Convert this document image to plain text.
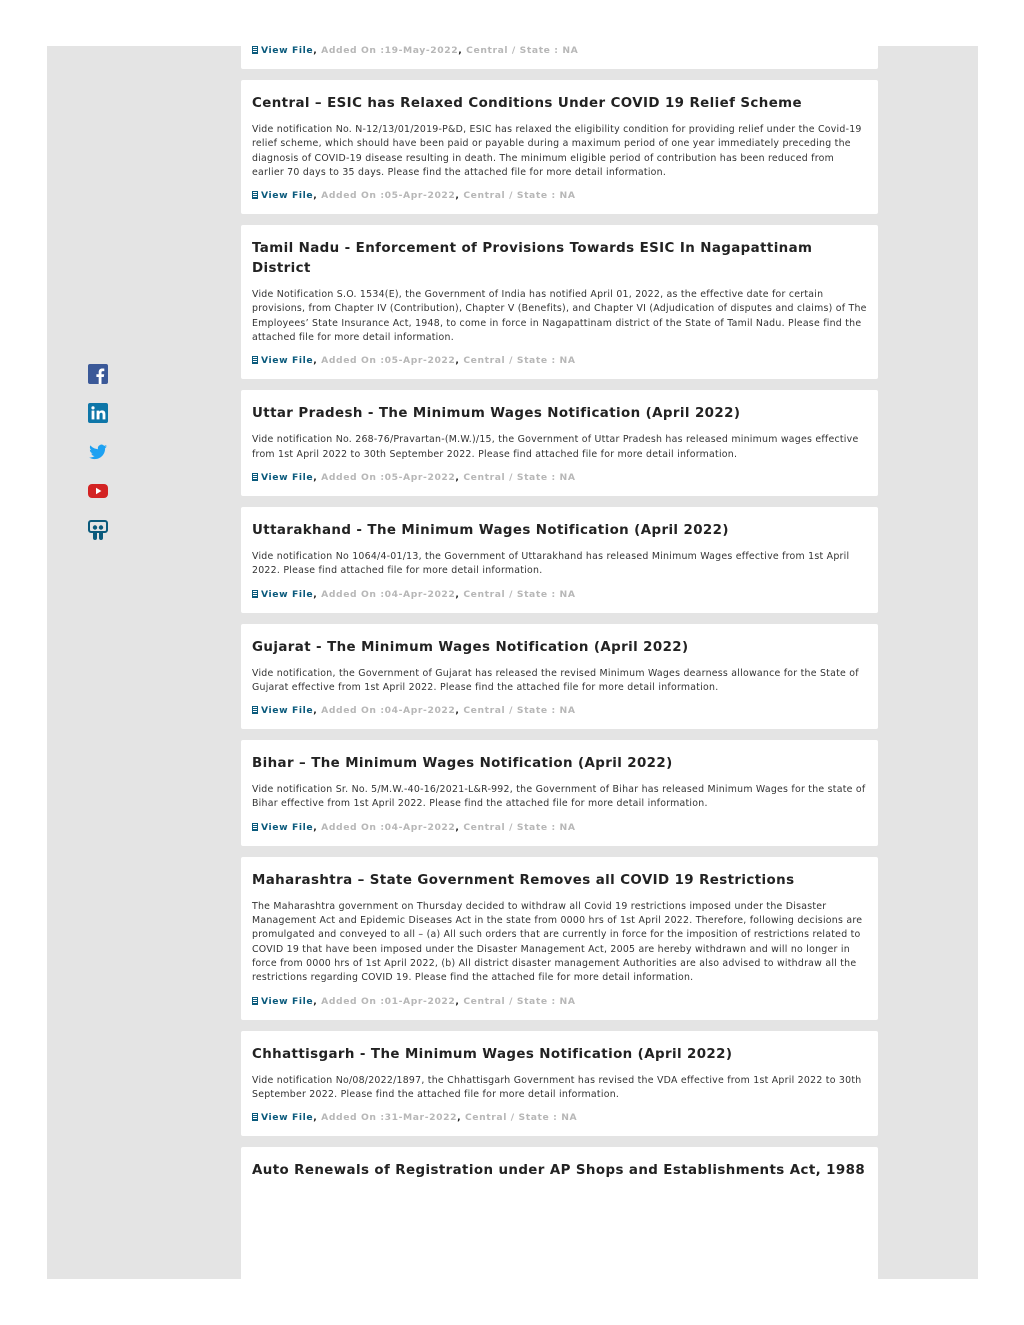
View File, Added On :19-May-2022, Central / State : NA
Central – ESIC has Relaxed Conditions Under COVID 19 Relief Scheme
Vide notification No. N-12/13/01/2019-P&D, ESIC has relaxed the eligibility condition for providing relief under the Covid-19 relief scheme, which should have been paid or payable during a maximum period of one year immediately preceding the diagnosis of COVID-19 disease resulting in death. The minimum eligible period of contribution has been reduced from earlier 70 days to 35 days. Please find the attached file for more detail information.
View File, Added On :05-Apr-2022, Central / State : NA
Tamil Nadu - Enforcement of Provisions Towards ESIC In Nagapattinam District
Vide Notification S.O. 1534(E), the Government of India has notified April 01, 2022, as the effective date for certain provisions, from Chapter IV (Contribution), Chapter V (Benefits), and Chapter VI (Adjudication of disputes and claims) of The Employees’ State Insurance Act, 1948, to come in force in Nagapattinam district of the State of Tamil Nadu. Please find the attached file for more detail information.
View File, Added On :05-Apr-2022, Central / State : NA
Uttar Pradesh - The Minimum Wages Notification (April 2022)
Vide notification No. 268-76/Pravartan-(M.W.)/15, the Government of Uttar Pradesh has released minimum wages effective from 1st April 2022 to 30th September 2022. Please find attached file for more detail information.
View File, Added On :05-Apr-2022, Central / State : NA
Uttarakhand - The Minimum Wages Notification (April 2022)
Vide notification No 1064/4-01/13, the Government of Uttarakhand has released Minimum Wages effective from 1st April 2022. Please find attached file for more detail information.
View File, Added On :04-Apr-2022, Central / State : NA
Gujarat - The Minimum Wages Notification (April 2022)
Vide notification, the Government of Gujarat has released the revised Minimum Wages dearness allowance for the State of Gujarat effective from 1st April 2022. Please find the attached file for more detail information.
View File, Added On :04-Apr-2022, Central / State : NA
Bihar – The Minimum Wages Notification (April 2022)
Vide notification Sr. No. 5/M.W.-40-16/2021-L&R-992, the Government of Bihar has released Minimum Wages for the state of Bihar effective from 1st April 2022. Please find the attached file for more detail information.
View File, Added On :04-Apr-2022, Central / State : NA
Maharashtra – State Government Removes all COVID 19 Restrictions
The Maharashtra government on Thursday decided to withdraw all Covid 19 restrictions imposed under the Disaster Management Act and Epidemic Diseases Act in the state from 0000 hrs of 1st April 2022. Therefore, following decisions are promulgated and conveyed to all – (a) All such orders that are currently in force for the imposition of restrictions related to COVID 19 that have been imposed under the Disaster Management Act, 2005 are hereby withdrawn and will no longer in force from 0000 hrs of 1st April 2022, (b) All district disaster management Authorities are also advised to withdraw all the restrictions regarding COVID 19. Please find the attached file for more detail information.
View File, Added On :01-Apr-2022, Central / State : NA
Chhattisgarh - The Minimum Wages Notification (April 2022)
Vide notification No/08/2022/1897, the Chhattisgarh Government has revised the VDA effective from 1st April 2022 to 30th September 2022. Please find the attached file for more detail information.
View File, Added On :31-Mar-2022, Central / State : NA
Auto Renewals of Registration under AP Shops and Establishments Act, 1988
